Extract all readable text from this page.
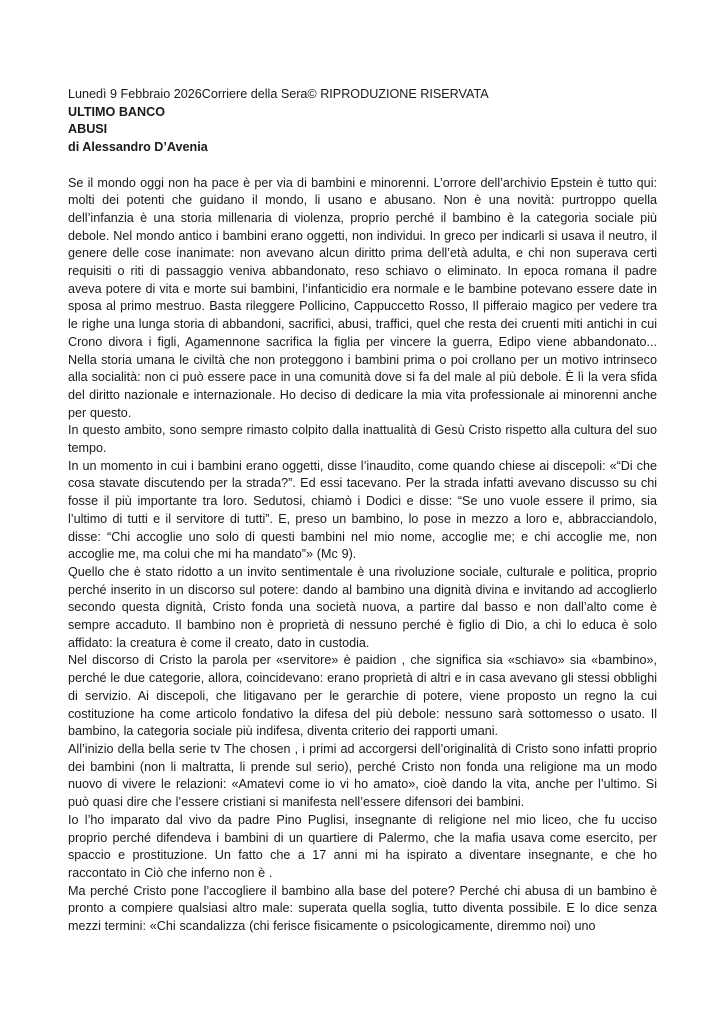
Lunedì 9 Febbraio 2026Corriere della Sera© RIPRODUZIONE RISERVATA
ULTIMO BANCO
ABUSI
di Alessandro D’Avenia

Se il mondo oggi non ha pace è per via di bambini e minorenni. L’orrore dell’archivio Epstein è tutto qui: molti dei potenti che guidano il mondo, li usano e abusano. Non è una novità: purtroppo quella dell’infanzia è una storia millenaria di violenza, proprio perché il bambino è la categoria sociale più debole. Nel mondo antico i bambini erano oggetti, non individui. In greco per indicarli si usava il neutro, il genere delle cose inanimate: non avevano alcun diritto prima dell’età adulta, e chi non superava certi requisiti o riti di passaggio veniva abbandonato, reso schiavo o eliminato. In epoca romana il padre aveva potere di vita e morte sui bambini, l’infanticidio era normale e le bambine potevano essere date in sposa al primo mestruo. Basta rileggere Pollicino, Cappuccetto Rosso, Il pifferaio magico per vedere tra le righe una lunga storia di abbandoni, sacrifici, abusi, traffici, quel che resta dei cruenti miti antichi in cui Crono divora i figli, Agamennone sacrifica la figlia per vincere la guerra, Edipo viene abbandonato... Nella storia umana le civiltà che non proteggono i bambini prima o poi crollano per un motivo intrinseco alla socialità: non ci può essere pace in una comunità dove si fa del male al più debole. È lì la vera sfida del diritto nazionale e internazionale. Ho deciso di dedicare la mia vita professionale ai minorenni anche per questo.

In questo ambito, sono sempre rimasto colpito dalla inattualità di Gesù Cristo rispetto alla cultura del suo tempo.

In un momento in cui i bambini erano oggetti, disse l’inaudito, come quando chiese ai discepoli: «“Di che cosa stavate discutendo per la strada?”. Ed essi tacevano. Per la strada infatti avevano discusso su chi fosse il più importante tra loro. Sedutosi, chiamò i Dodici e disse: “Se uno vuole essere il primo, sia l’ultimo di tutti e il servitore di tutti”. E, preso un bambino, lo pose in mezzo a loro e, abbracciandolo, disse: “Chi accoglie uno solo di questi bambini nel mio nome, accoglie me; e chi accoglie me, non accoglie me, ma colui che mi ha mandato”» (Mc 9).

Quello che è stato ridotto a un invito sentimentale è una rivoluzione sociale, culturale e politica, proprio perché inserito in un discorso sul potere: dando al bambino una dignità divina e invitando ad accoglierlo secondo questa dignità, Cristo fonda una società nuova, a partire dal basso e non dall’alto come è sempre accaduto. Il bambino non è proprietà di nessuno perché è figlio di Dio, a chi lo educa è solo affidato: la creatura è come il creato, dato in custodia.

Nel discorso di Cristo la parola per «servitore» è paidion , che significa sia «schiavo» sia «bambino», perché le due categorie, allora, coincidevano: erano proprietà di altri e in casa avevano gli stessi obblighi di servizio. Ai discepoli, che litigavano per le gerarchie di potere, viene proposto un regno la cui costituzione ha come articolo fondativo la difesa del più debole: nessuno sarà sottomesso o usato. Il bambino, la categoria sociale più indifesa, diventa criterio dei rapporti umani.

All’inizio della bella serie tv The chosen , i primi ad accorgersi dell’originalità di Cristo sono infatti proprio dei bambini (non li maltratta, li prende sul serio), perché Cristo non fonda una religione ma un modo nuovo di vivere le relazioni: «Amatevi come io vi ho amato», cioè dando la vita, anche per l’ultimo. Si può quasi dire che l’essere cristiani si manifesta nell’essere difensori dei bambini.

Io l’ho imparato dal vivo da padre Pino Puglisi, insegnante di religione nel mio liceo, che fu ucciso proprio perché difendeva i bambini di un quartiere di Palermo, che la mafia usava come esercito, per spaccio e prostituzione. Un fatto che a 17 anni mi ha ispirato a diventare insegnante, e che ho raccontato in Ciò che inferno non è .

Ma perché Cristo pone l’accogliere il bambino alla base del potere? Perché chi abusa di un bambino è pronto a compiere qualsiasi altro male: superata quella soglia, tutto diventa possibile. E lo dice senza mezzi termini: «Chi scandalizza (chi ferisce fisicamente o psicologicamente, diremmo noi) uno
